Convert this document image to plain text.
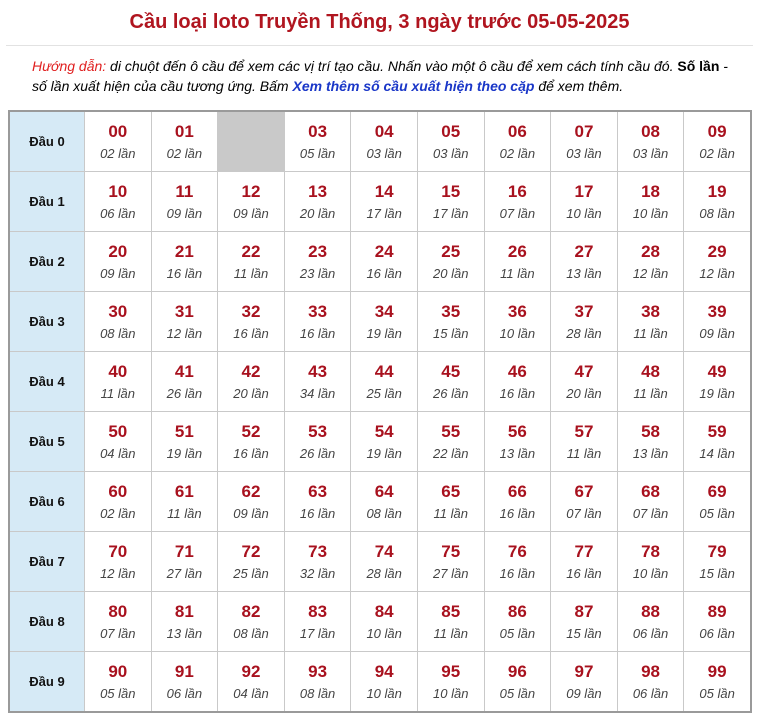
Cầu loại loto Truyền Thống, 3 ngày trước 05-05-2025
Hướng dẫn: di chuột đến ô cầu để xem các vị trí tạo cầu. Nhấn vào một ô cầu để xem cách tính cầu đó. Số lần - số lần xuất hiện của cầu tương ứng. Bấm Xem thêm số cầu xuất hiện theo cặp để xem thêm.
Đầu 0
00
02 lần
01
02 lần
03
05 lần
04
03 lần
05
03 lần
06
02 lần
07
03 lần
08
03 lần
09
02 lần
Đầu 1
10
06 lần
11
09 lần
12
09 lần
13
20 lần
14
17 lần
15
17 lần
16
07 lần
17
10 lần
18
10 lần
19
08 lần
Đầu 2
20
09 lần
21
16 lần
22
11 lần
23
23 lần
24
16 lần
25
20 lần
26
11 lần
27
13 lần
28
12 lần
29
12 lần
Đầu 3
30
08 lần
31
12 lần
32
16 lần
33
16 lần
34
19 lần
35
15 lần
36
10 lần
37
28 lần
38
11 lần
39
09 lần
Đầu 4
40
11 lần
41
26 lần
42
20 lần
43
34 lần
44
25 lần
45
26 lần
46
16 lần
47
20 lần
48
11 lần
49
19 lần
Đầu 5
50
04 lần
51
19 lần
52
16 lần
53
26 lần
54
19 lần
55
22 lần
56
13 lần
57
11 lần
58
13 lần
59
14 lần
Đầu 6
60
02 lần
61
11 lần
62
09 lần
63
16 lần
64
08 lần
65
11 lần
66
16 lần
67
07 lần
68
07 lần
69
05 lần
Đầu 7
70
12 lần
71
27 lần
72
25 lần
73
32 lần
74
28 lần
75
27 lần
76
16 lần
77
16 lần
78
10 lần
79
15 lần
Đầu 8
80
07 lần
81
13 lần
82
08 lần
83
17 lần
84
10 lần
85
11 lần
86
05 lần
87
15 lần
88
06 lần
89
06 lần
Đầu 9
90
05 lần
91
06 lần
92
04 lần
93
08 lần
94
10 lần
95
10 lần
96
05 lần
97
09 lần
98
06 lần
99
05 lần
